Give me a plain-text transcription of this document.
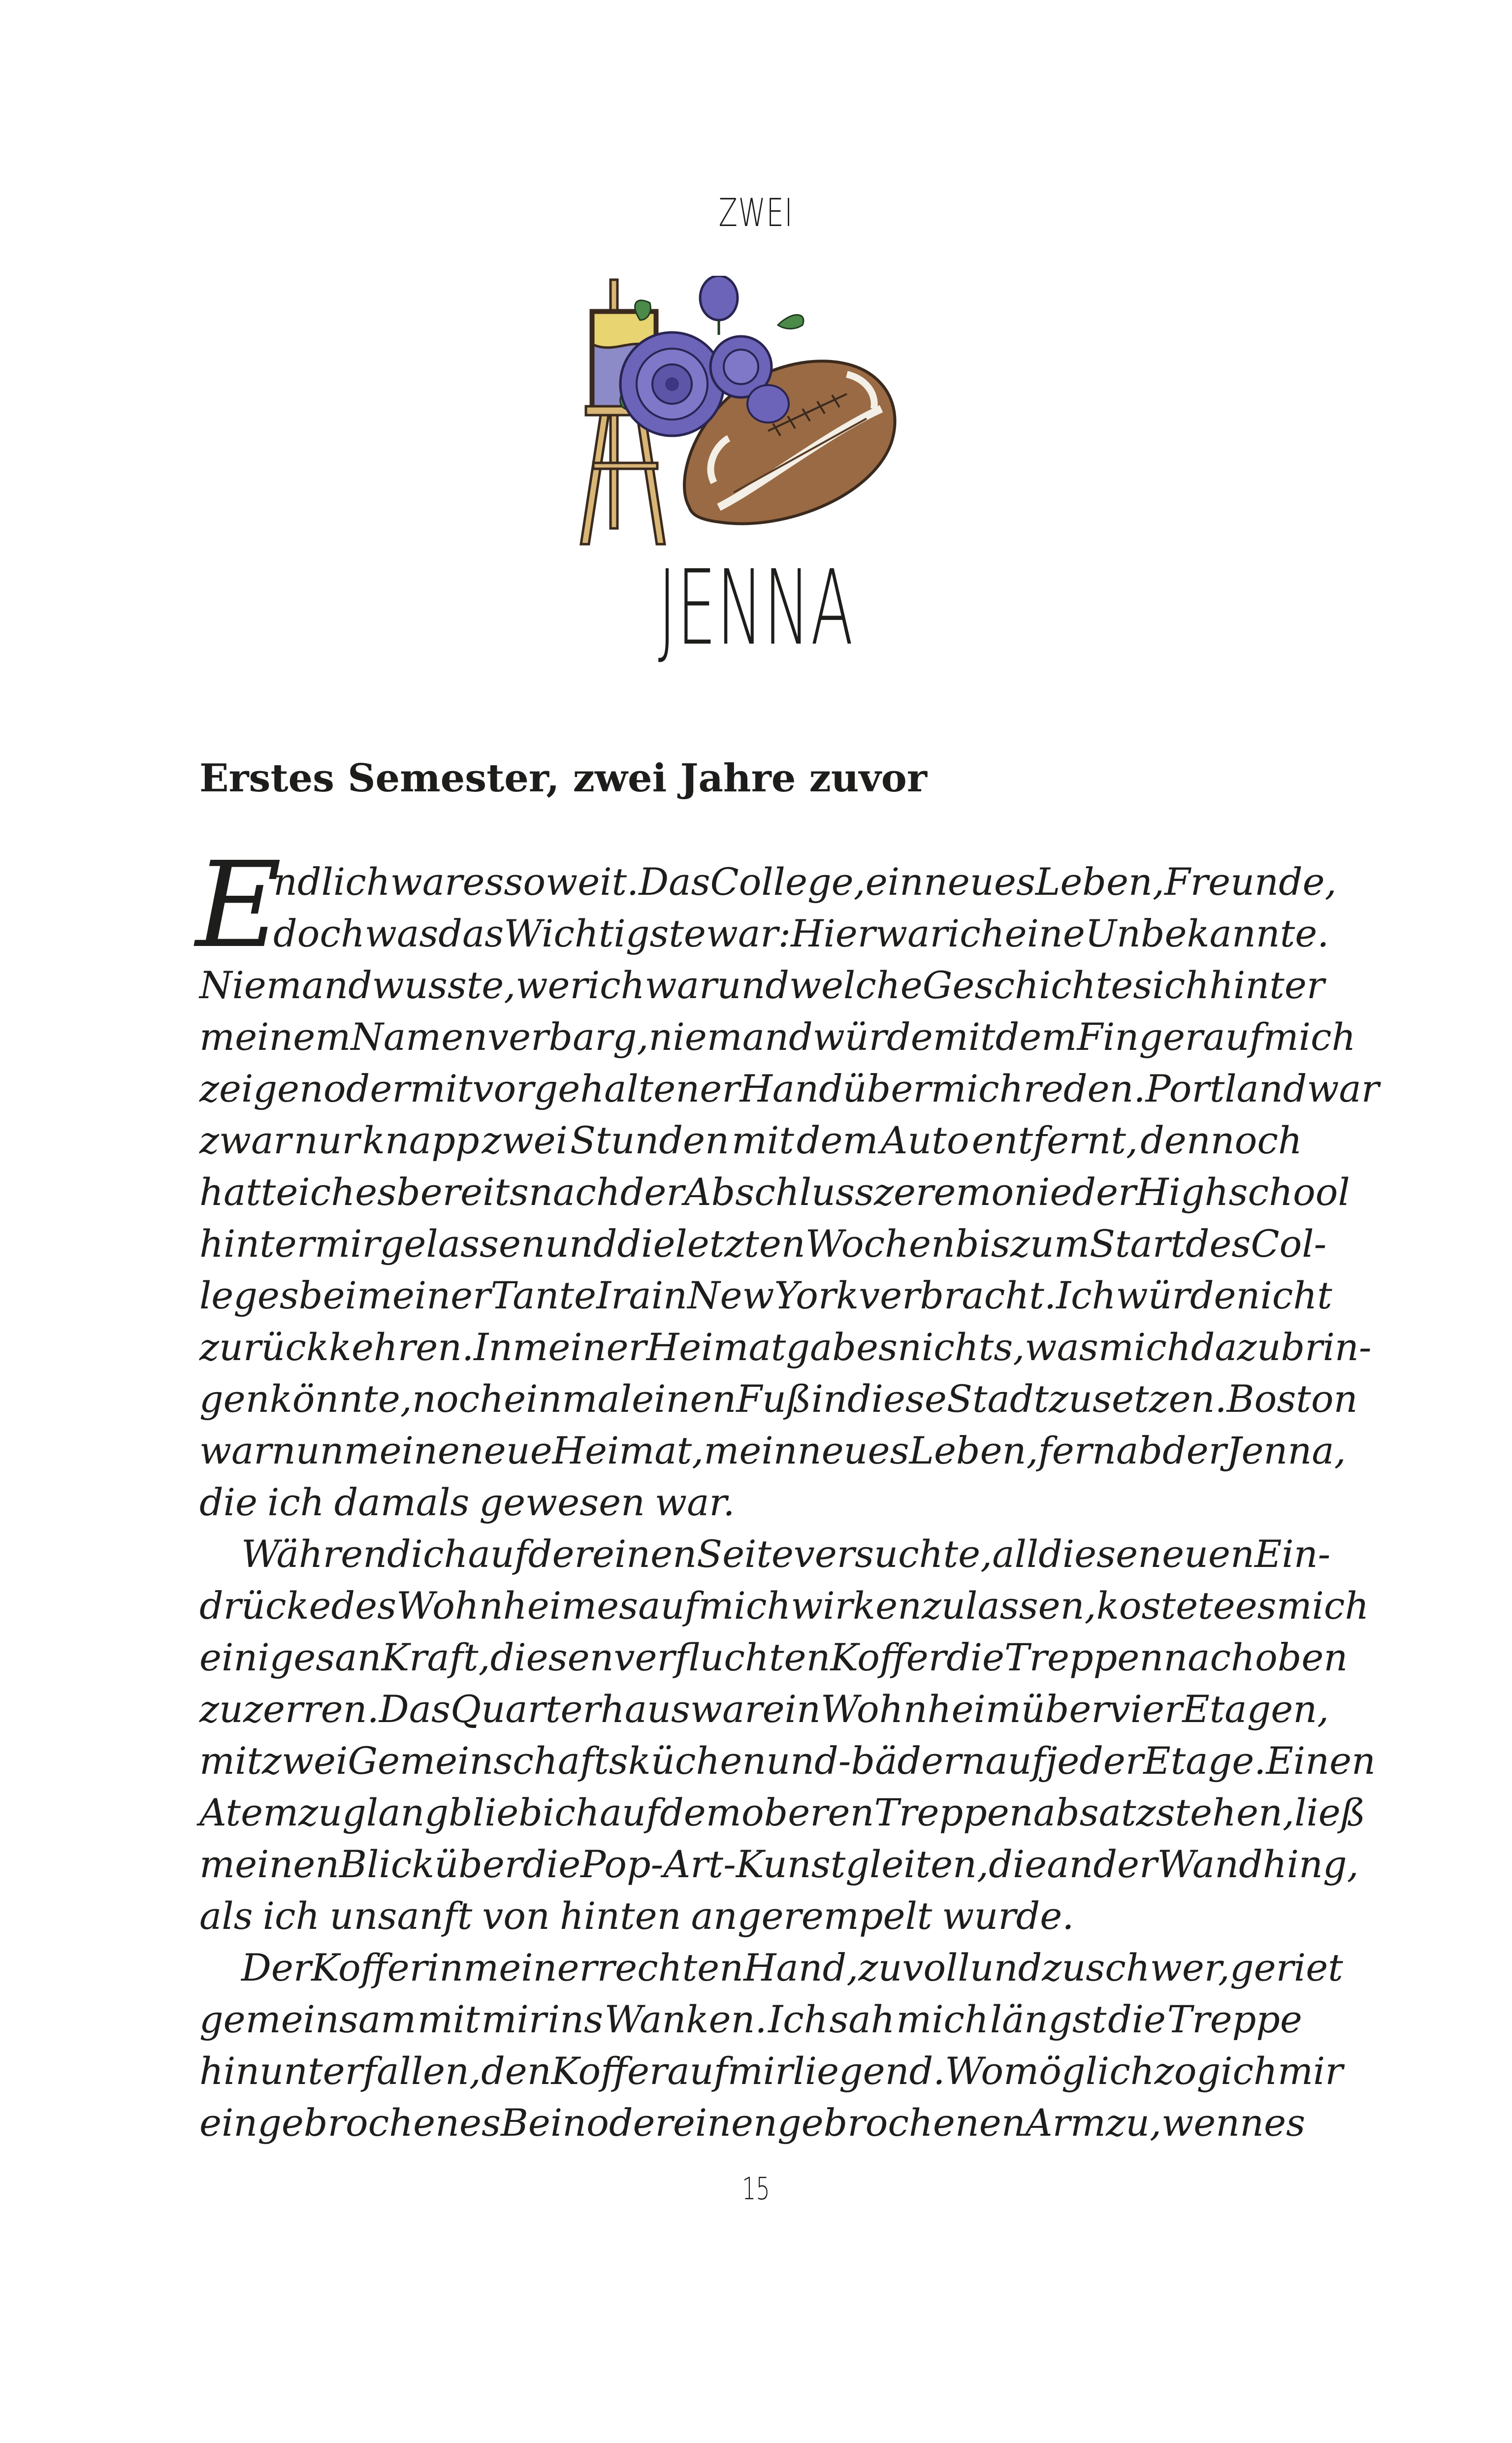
ZWEI
JENNA
Erstes Semester, zwei Jahre zuvor
E
ndlich war es soweit. Das College, ein neues Leben, Freunde,
doch was das Wichtigste war: Hier war ich eine Unbekannte.
Niemand wusste, wer ich war und welche Geschichte sich hinter
meinem Namen verbarg, niemand würde mit dem Finger auf mich
zeigen oder mit vorgehaltener Hand über mich reden. Portland war
zwar nur knapp zwei Stunden mit dem Auto entfernt, dennoch
hatte ich es bereits nach der Abschlusszeremonie der Highschool
hinter mir gelassen und die letzten Wochen bis zum Start des Col-
leges bei meiner Tante Ira in New York verbracht. Ich würde nicht
zurückkehren. In meiner Heimat gab es nichts, was mich dazu brin-
gen könnte, noch einmal einen Fuß in diese Stadt zu setzen. Boston
war nun meine neue Heimat, mein neues Leben, fernab der Jenna,
die ich damals gewesen war.
Während ich auf der einen Seite versuchte, all diese neuen Ein-
drücke des Wohnheimes auf mich wirken zu lassen, kostete es mich
einiges an Kraft, diesen verfluchten Koffer die Treppen nach oben
zu zerren. Das Quarterhaus war ein Wohnheim über vier Etagen,
mit zwei Gemeinschaftsküchen und -bädern auf jeder Etage. Einen
Atemzug lang blieb ich auf dem oberen Treppenabsatz stehen, ließ
meinen Blick über die Pop-Art-Kunst gleiten, die an der Wand hing,
als ich unsanft von hinten angerempelt wurde.
Der Koffer in meiner rechten Hand, zu voll und zu schwer, geriet
gemeinsam mit mir ins Wanken. Ich sah mich längst die Treppe
hinunterfallen, den Koffer auf mir liegend. Womöglich zog ich mir
ein gebrochenes Bein oder einen gebrochenen Arm zu, wenn es
15
